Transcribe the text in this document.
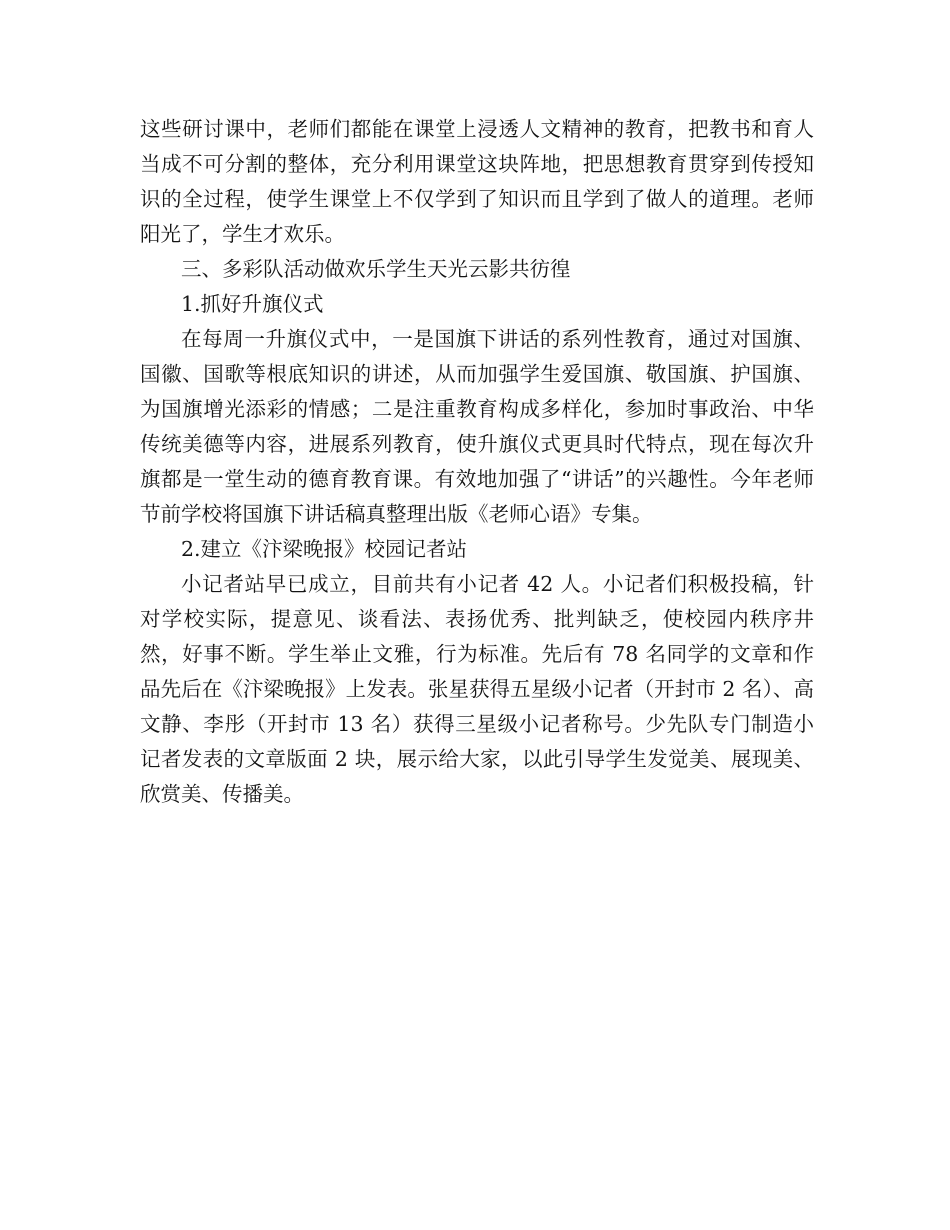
这些研讨课中，老师们都能在课堂上浸透人文精神的教育，把教书和育人当成不可分割的整体，充分利用课堂这块阵地，把思想教育贯穿到传授知识的全过程，使学生课堂上不仅学到了知识而且学到了做人的道理。老师阳光了，学生才欢乐。

三、多彩队活动做欢乐学生天光云影共彷徨

1.抓好升旗仪式

在每周一升旗仪式中，一是国旗下讲话的系列性教育，通过对国旗、国徽、国歌等根底知识的讲述，从而加强学生爱国旗、敬国旗、护国旗、为国旗增光添彩的情感；二是注重教育构成多样化，参加时事政治、中华传统美德等内容，进展系列教育，使升旗仪式更具时代特点，现在每次升旗都是一堂生动的德育教育课。有效地加强了“讲话”的兴趣性。今年老师节前学校将国旗下讲话稿真整理出版《老师心语》专集。

2.建立《汴梁晚报》校园记者站

小记者站早已成立，目前共有小记者 42 人。小记者们积极投稿，针对学校实际，提意见、谈看法、表扬优秀、批判缺乏，使校园内秩序井然，好事不断。学生举止文雅，行为标准。先后有 78 名同学的文章和作品先后在《汴梁晚报》上发表。张星获得五星级小记者（开封市 2 名）、高文静、李彤（开封市 13 名）获得三星级小记者称号。少先队专门制造小记者发表的文章版面 2 块，展示给大家，以此引导学生发觉美、展现美、欣赏美、传播美。
